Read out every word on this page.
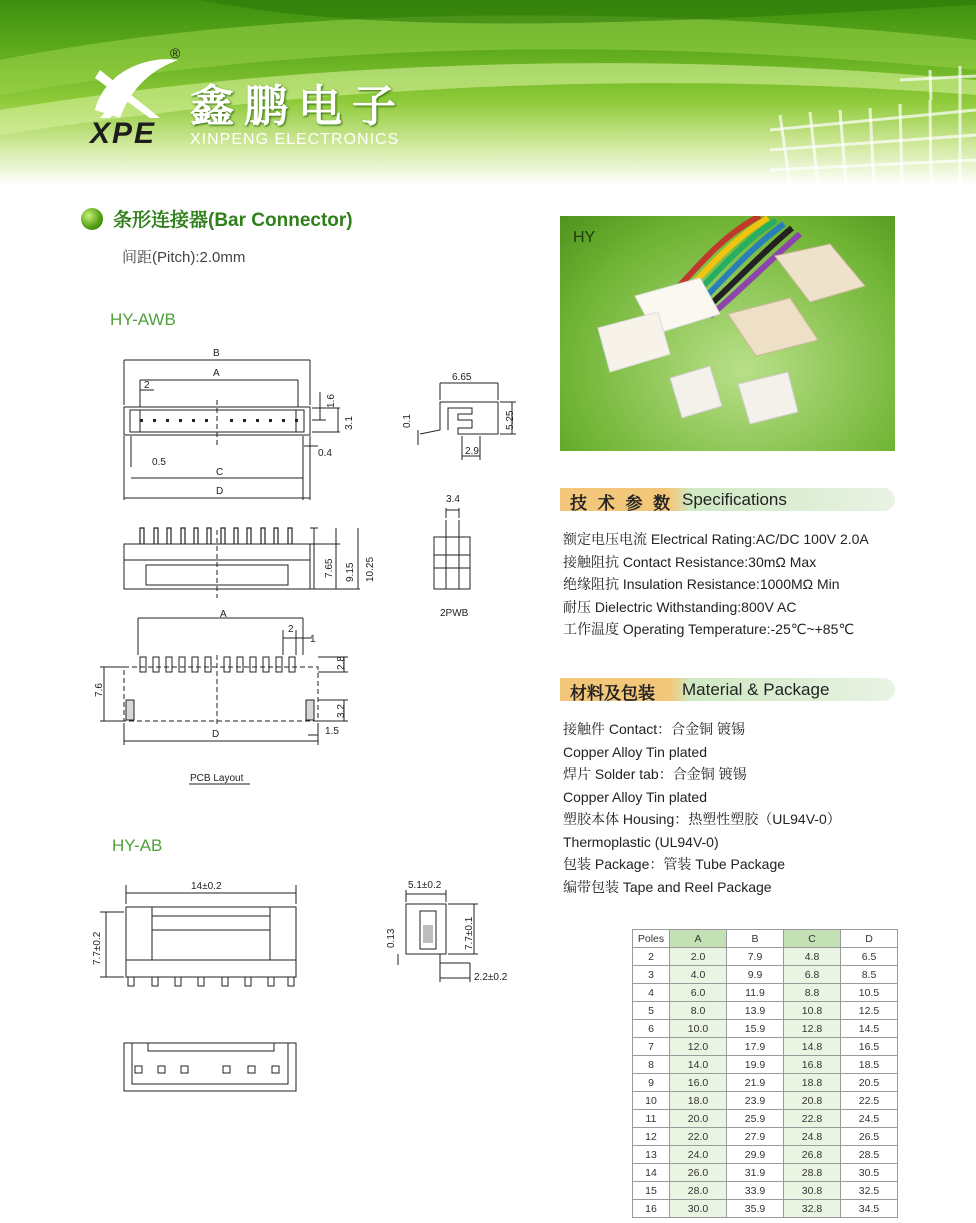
®
XPE
鑫鹏电子
XINPENG ELECTRONICS
条形连接器(Bar Connector)
间距(Pitch):2.0mm
HY-AWB
HY-AB
B
A
2
C
D
0.5
0.4
1.6
3.1
6.65
0.1	5.25
2.9
7.65 9.15 10.25
3.4
2PWB
A
2
1
2.8
7.6
3.2
1.5
D
PCB Layout
14±0.2
7.7±0.2
5.1±0.2
0.13	7.7±0.1
2.2±0.2
HY
技 术 参 数 Specifications
额定电压电流 Electrical Rating:AC/DC 100V 2.0A
接触阻抗 Contact Resistance:30mΩ Max
绝缘阻抗 Insulation Resistance:1000MΩ Min
耐压 Dielectric Withstanding:800V AC
工作温度 Operating Temperature:-25℃~+85℃
材料及包装 Material & Package
接触件 Contact：合金铜 镀锡
Copper Alloy Tin plated
焊片 Solder tab：合金铜 镀锡
Copper Alloy Tin plated
塑胶本体 Housing：热塑性塑胶（UL94V-0）
Thermoplastic (UL94V-0)
包装 Package：管装 Tube Package
编带包装 Tape and Reel Package
Poles	A	B	C	D
2	2.0	7.9	4.8	6.5
3	4.0	9.9	6.8	8.5
4	6.0	11.9	8.8	10.5
5	8.0	13.9	10.8	12.5
6	10.0	15.9	12.8	14.5
7	12.0	17.9	14.8	16.5
8	14.0	19.9	16.8	18.5
9	16.0	21.9	18.8	20.5
10	18.0	23.9	20.8	22.5
11	20.0	25.9	22.8	24.5
12	22.0	27.9	24.8	26.5
13	24.0	29.9	26.8	28.5
14	26.0	31.9	28.8	30.5
15	28.0	33.9	30.8	32.5
16	30.0	35.9	32.8	34.5
